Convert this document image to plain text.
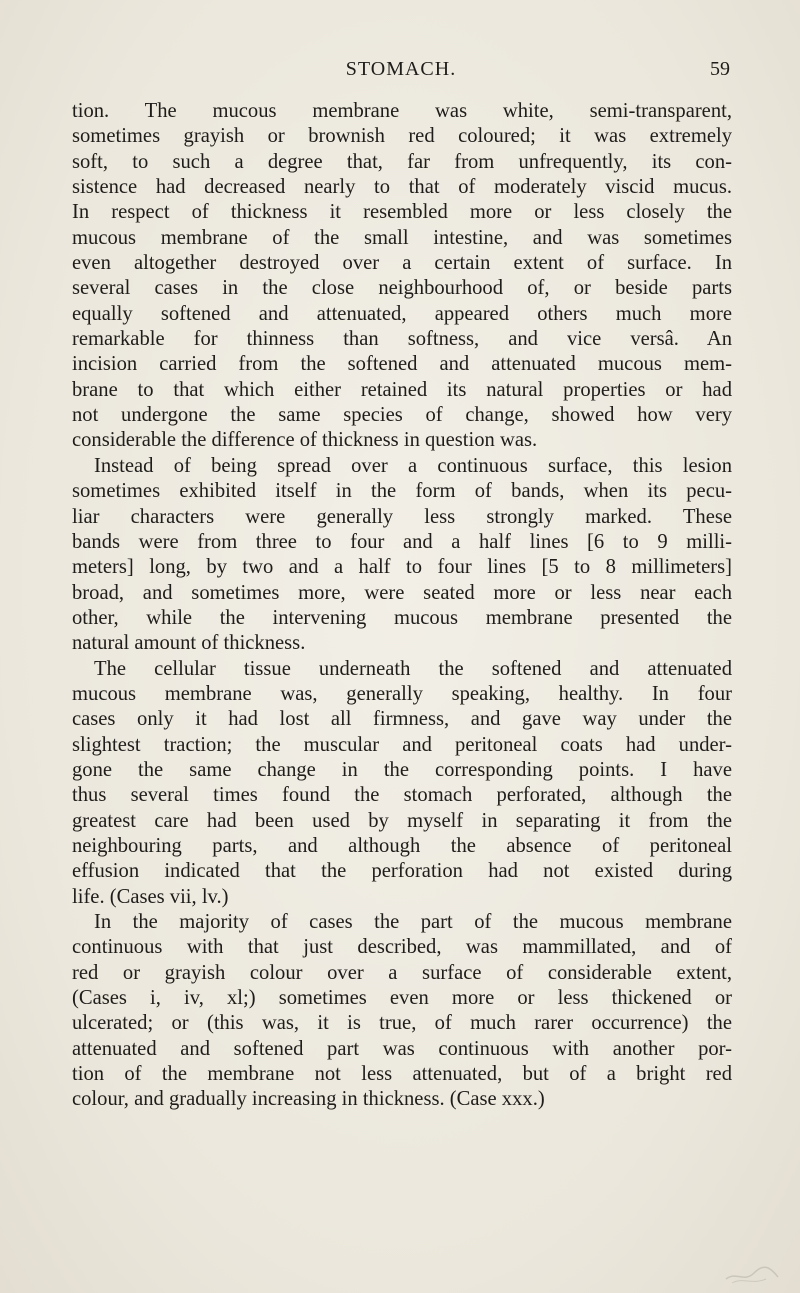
STOMACH.	59
tion. The mucous membrane was white, semi-transparent,
sometimes grayish or brownish red coloured; it was extremely
soft, to such a degree that, far from unfrequently, its con-
sistence had decreased nearly to that of moderately viscid mucus.
In respect of thickness it resembled more or less closely the
mucous membrane of the small intestine, and was sometimes
even altogether destroyed over a certain extent of surface. In
several cases in the close neighbourhood of, or beside parts
equally softened and attenuated, appeared others much more
remarkable for thinness than softness, and vice versâ. An
incision carried from the softened and attenuated mucous mem-
brane to that which either retained its natural properties or had
not undergone the same species of change, showed how very
considerable the difference of thickness in question was.
Instead of being spread over a continuous surface, this lesion
sometimes exhibited itself in the form of bands, when its pecu-
liar characters were generally less strongly marked. These
bands were from three to four and a half lines [6 to 9 milli-
meters] long, by two and a half to four lines [5 to 8 millimeters]
broad, and sometimes more, were seated more or less near each
other, while the intervening mucous membrane presented the
natural amount of thickness.
The cellular tissue underneath the softened and attenuated
mucous membrane was, generally speaking, healthy. In four
cases only it had lost all firmness, and gave way under the
slightest traction; the muscular and peritoneal coats had under-
gone the same change in the corresponding points. I have
thus several times found the stomach perforated, although the
greatest care had been used by myself in separating it from the
neighbouring parts, and although the absence of peritoneal
effusion indicated that the perforation had not existed during
life. (Cases vii, lv.)
In the majority of cases the part of the mucous membrane
continuous with that just described, was mammillated, and of
red or grayish colour over a surface of considerable extent,
(Cases i, iv, xl;) sometimes even more or less thickened or
ulcerated; or (this was, it is true, of much rarer occurrence) the
attenuated and softened part was continuous with another por-
tion of the membrane not less attenuated, but of a bright red
colour, and gradually increasing in thickness. (Case xxx.)
